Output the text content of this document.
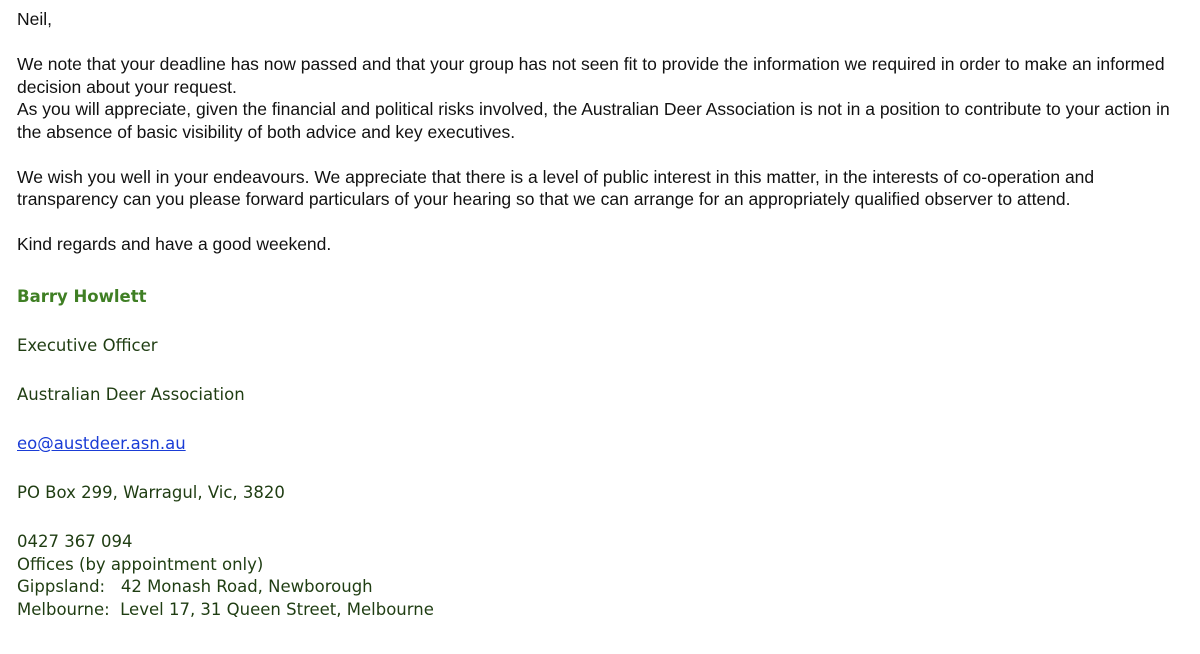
Neil,

We note that your deadline has now passed and that your group has not seen fit to provide the information we required in order to make an informed decision about your request.

As you will appreciate, given the financial and political risks involved, the Australian Deer Association is not in a position to contribute to your action in the absence of basic visibility of both advice and key executives.

We wish you well in your endeavours. We appreciate that there is a level of public interest in this matter, in the interests of co-operation and transparency can you please forward particulars of your hearing so that we can arrange for an appropriately qualified observer to attend.

Kind regards and have a good weekend.

Barry Howlett

Executive Officer

Australian Deer Association

eo@austdeer.asn.au

PO Box 299, Warragul, Vic, 3820

0427 367 094

Offices (by appointment only)

Gippsland:   42 Monash Road, Newborough

Melbourne:  Level 17, 31 Queen Street, Melbourne
